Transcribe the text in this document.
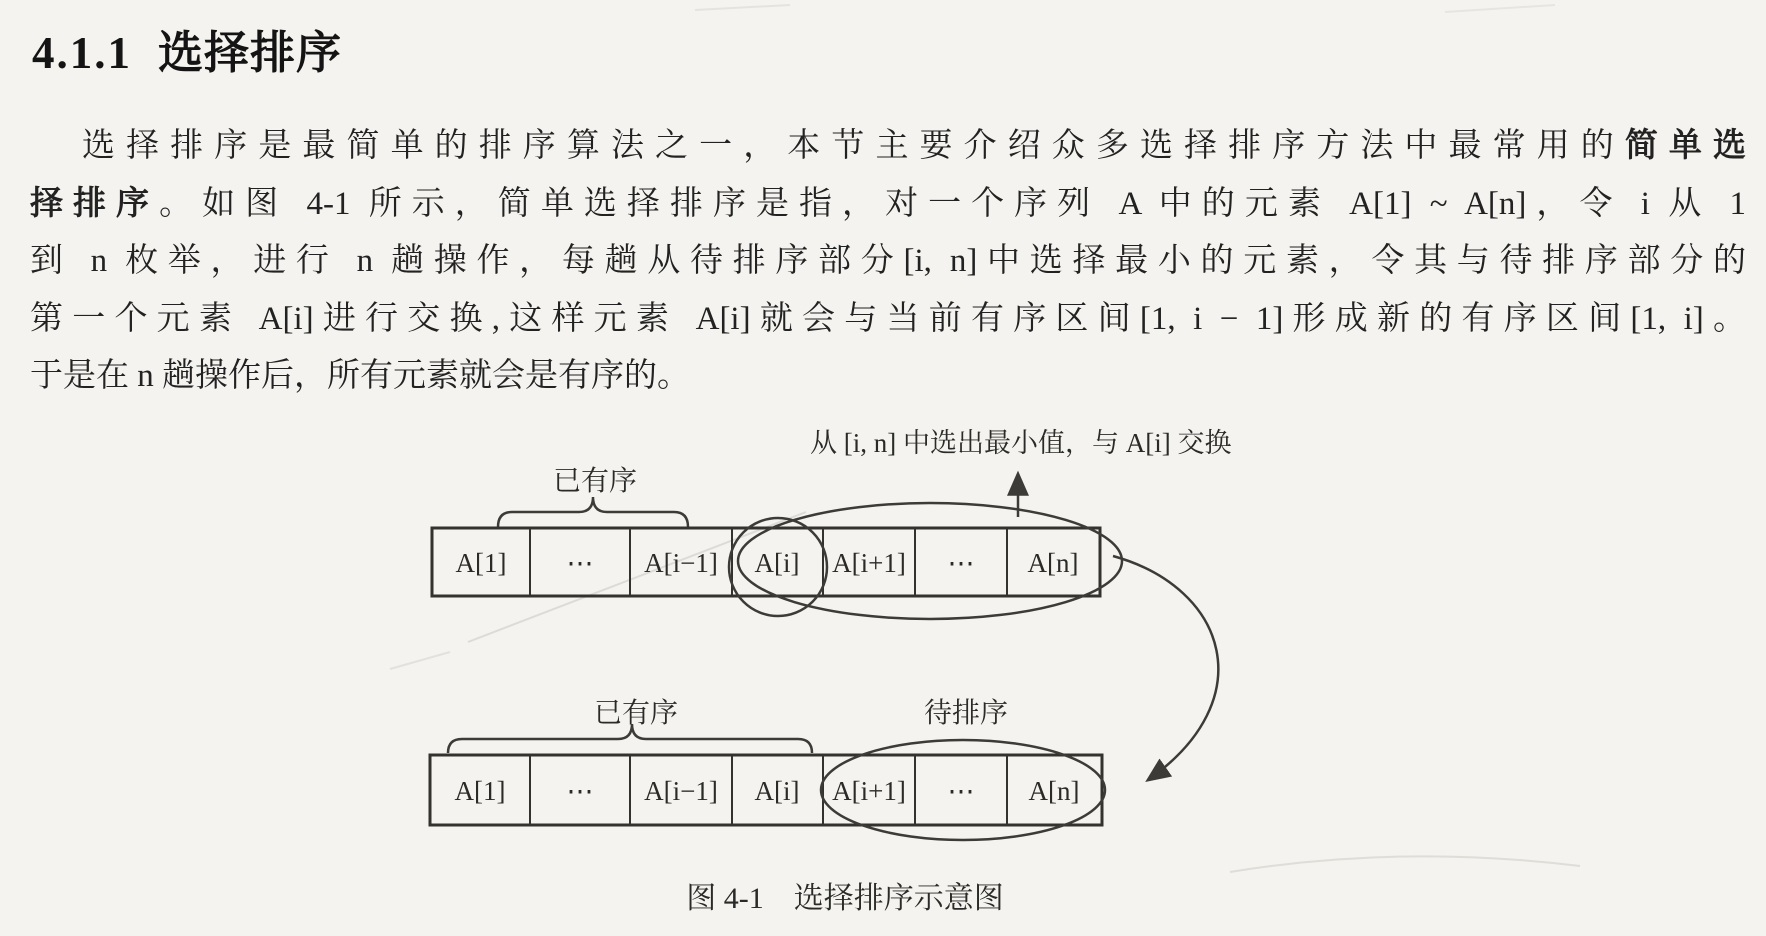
4.1.1 选择排序
选择排序是最简单的排序算法之一，本节主要介绍众多选择排序方法中最常用的简单选
择排序。如图 4-1 所示，简单选择排序是指，对一个序列 A 中的元素 A[1] ~ A[n]，令 i 从 1
到 n 枚举，进行 n 趟操作，每趟从待排序部分[i, n]中选择最小的元素，令其与待排序部分的
第一个元素 A[i]进行交换,这样元素 A[i]就会与当前有序区间[1, i − 1]形成新的有序区间[1, i]。
于是在 n 趟操作后，所有元素就会是有序的。
从 [i, n] 中选出最小值，与 A[i] 交换
已有序
A[1] ⋯ A[i−1] A[i] A[i+1] ⋯ A[n]
已有序	待排序
A[1] ⋯ A[i−1] A[i] A[i+1] ⋯ A[n]
图 4-1　选择排序示意图
